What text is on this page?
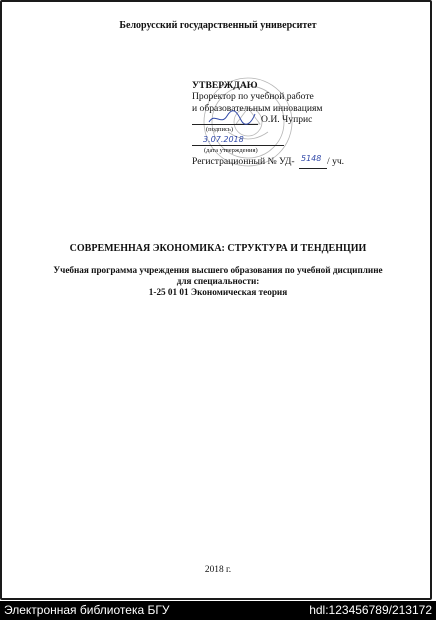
Белорусский государственный университет
УТВЕРЖДАЮ
Проректор по учебной работе
и образовательным инновациям
О.И. Чуприс
(подпись)
3.07.2018
(дата утверждения)
Регистрационный № УД- 5148 / уч.
СОВРЕМЕННАЯ ЭКОНОМИКА: СТРУКТУРА И ТЕНДЕНЦИИ
Учебная программа учреждения высшего образования по учебной дисциплине
для специальности:
1-25 01 01 Экономическая теория
2018 г.
Электронная библиотека БГУ	hdl:123456789/213172
